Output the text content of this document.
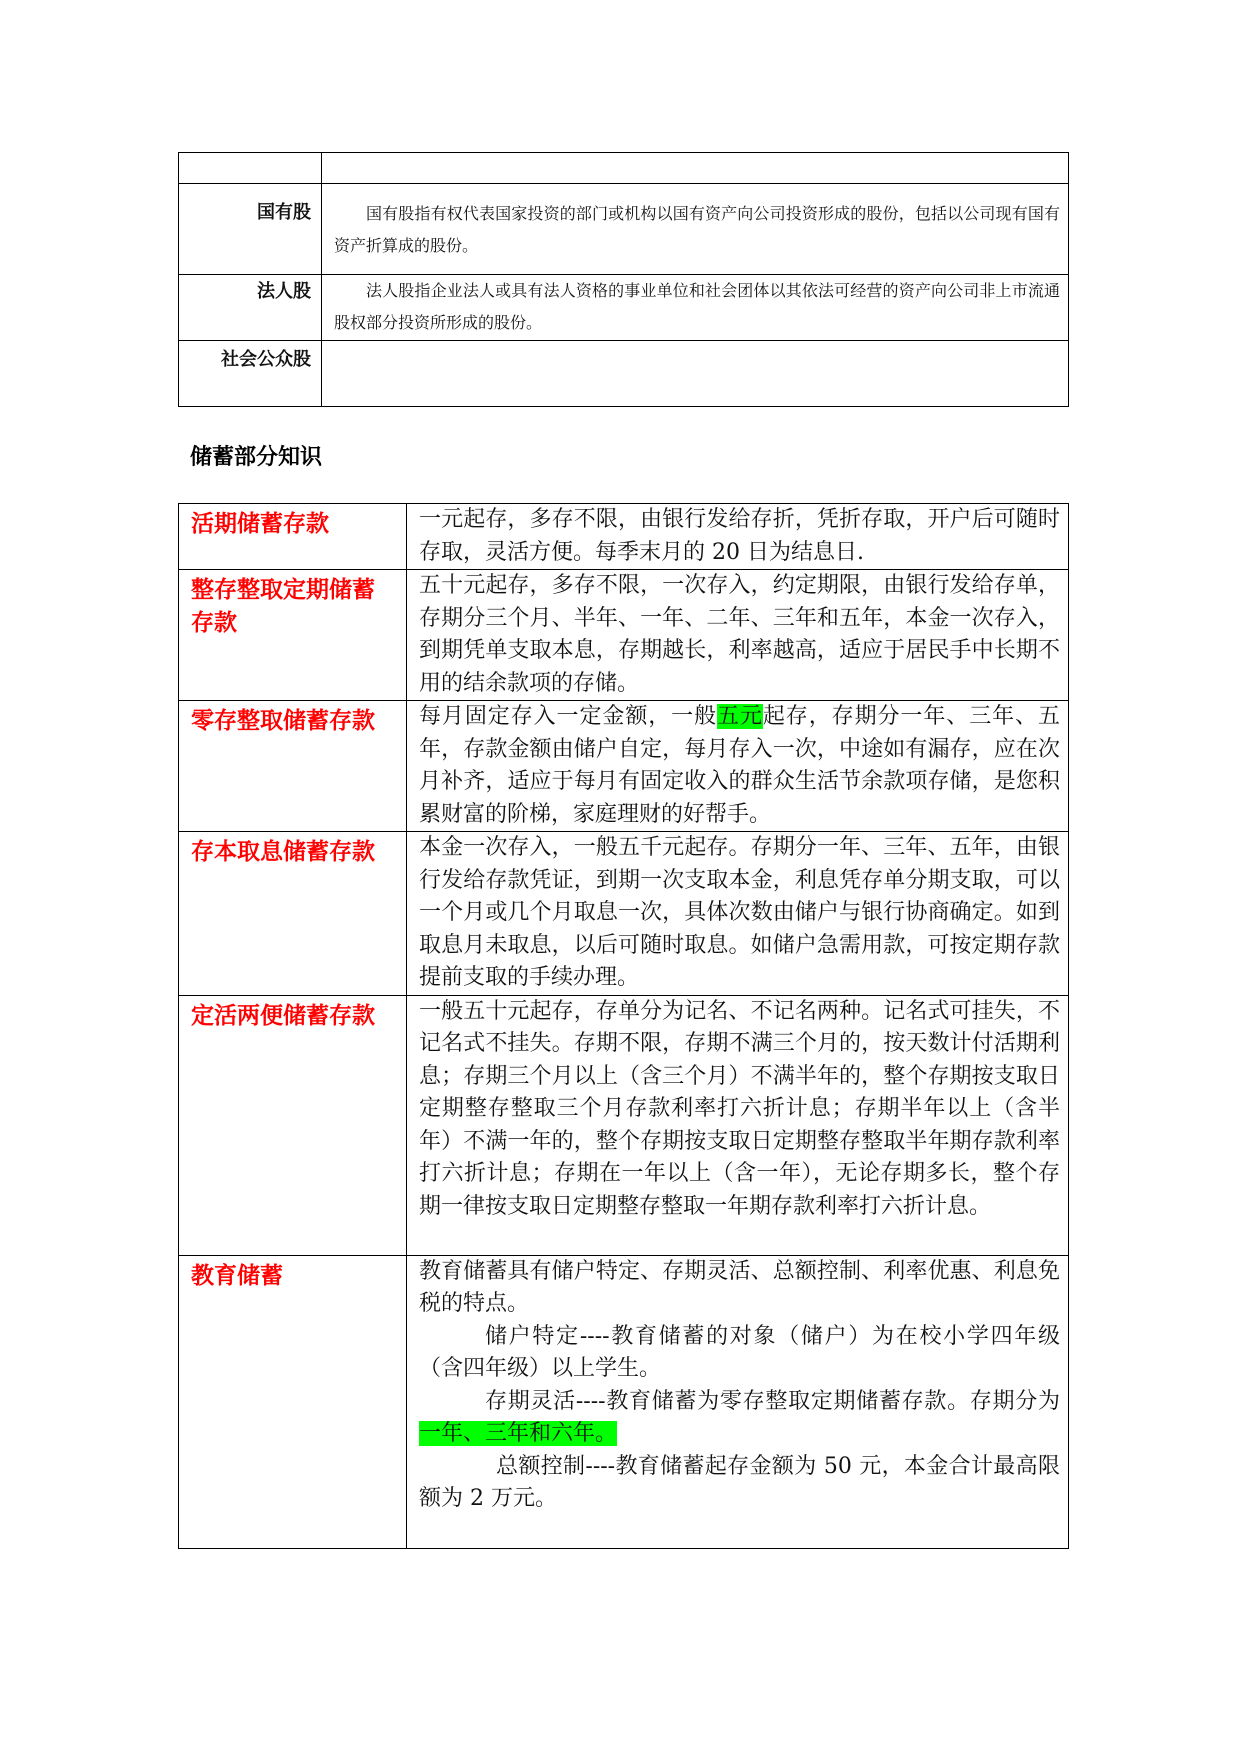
国有股	国有股指有权代表国家投资的部门或机构以国有资产向公司投资形成的股份，包括以公司现有国有资产折算成的股份。

法人股	法人股指企业法人或具有法人资格的事业单位和社会团体以其依法可经营的资产向公司非上市流通股权部分投资所形成的股份。

社会公众股	

储蓄部分知识
活期储蓄存款	一元起存，多存不限，由银行发给存折，凭折存取，开户后可随时存取，灵活方便。每季末月的 20 日为结息日.

整存整取定期储蓄存款	五十元起存，多存不限，一次存入，约定期限，由银行发给存单，存期分三个月、半年、一年、二年、三年和五年，本金一次存入，到期凭单支取本息，存期越长，利率越高，适应于居民手中长期不用的结余款项的存储。

零存整取储蓄存款	每月固定存入一定金额，一般五元起存，存期分一年、三年、五年，存款金额由储户自定，每月存入一次，中途如有漏存，应在次月补齐，适应于每月有固定收入的群众生活节余款项存储，是您积累财富的阶梯，家庭理财的好帮手。

存本取息储蓄存款	本金一次存入，一般五千元起存。存期分一年、三年、五年，由银行发给存款凭证，到期一次支取本金，利息凭存单分期支取，可以一个月或几个月取息一次，具体次数由储户与银行协商确定。如到取息月未取息，以后可随时取息。如储户急需用款，可按定期存款提前支取的手续办理。

定活两便储蓄存款	一般五十元起存，存单分为记名、不记名两种。记名式可挂失，不记名式不挂失。存期不限，存期不满三个月的，按天数计付活期利息；存期三个月以上（含三个月）不满半年的，整个存期按支取日定期整存整取三个月存款利率打六折计息；存期半年以上（含半年）不满一年的，整个存期按支取日定期整存整取半年期存款利率打六折计息；存期在一年以上（含一年），无论存期多长，整个存期一律按支取日定期整存整取一年期存款利率打六折计息。

教育储蓄	教育储蓄具有储户特定、存期灵活、总额控制、利率优惠、利息免税的特点。

储户特定----教育储蓄的对象（储户）为在校小学四年级（含四年级）以上学生。

存期灵活----教育储蓄为零存整取定期储蓄存款。存期分为一年、三年和六年。

总额控制----教育储蓄起存金额为 50 元，本金合计最高限额为 2 万元。
